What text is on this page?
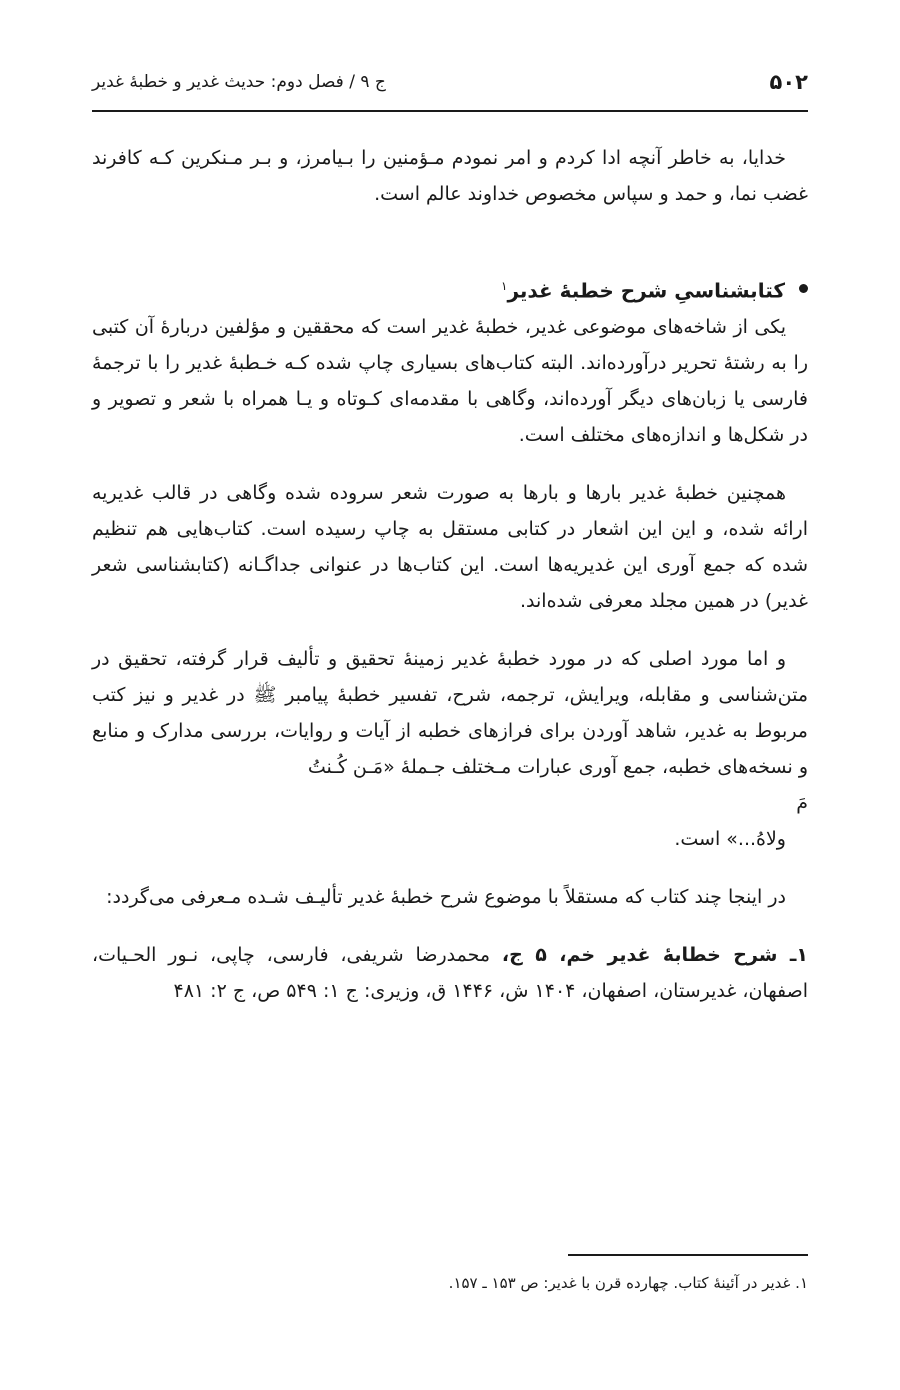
۵۰۲
ج ۹ / فصل دوم: حدیث غدیر و خطبهٔ غدیر

خدایا، به خاطر آنچه ادا کردم و امر نمودم مـؤمنین را بـیامرز، و بـر مـنکرین کـه کافرند غضب نما، و حمد و سپاس مخصوص خداوند عالم است.

کتابشناسیِ شرح خطبهٔ غدیر$^۱$

یکی از شاخه‌های موضوعی غدیر، خطبهٔ غدیر است که محققین و مؤلفین دربارهٔ آن کتبی را به رشتهٔ تحریر درآورده‌اند. البته کتاب‌های بسیاری چاپ شده کـه خـطبهٔ غدیر را با ترجمهٔ فارسی یا زبان‌های دیگر آورده‌اند، وگاهی با مقدمه‌ای کـوتاه و یـا همراه با شعر و تصویر و در شکل‌ها و اندازه‌های مختلف است.

همچنین خطبهٔ غدیر بارها و بارها به صورت شعر سروده شده وگاهی در قالب غدیریه ارائه شده، و این این اشعار در کتابی مستقل به چاپ رسیده است. کتاب‌هایی هم تنظیم شده که جمع آوری این غدیریه‌ها است. این کتاب‌ها در عنوانی جداگـانه (کتابشناسی شعر غدیر) در همین مجلد معرفی شده‌اند.

و اما مورد اصلی که در مورد خطبهٔ غدیر زمینهٔ تحقیق و تألیف قرار گرفته، تحقیق در متن‌شناسی و مقابله، ویرایش، ترجمه، شرح، تفسیر خطبهٔ پیامبر ﷺ در غدیر و نیز کتب مربوط به غدیر، شاهد آوردن برای فرازهای خطبه از آیات و روایات، بررسی مدارک و منابع و نسخه‌های خطبه، جمع آوری عبارات مـختلف جـملهٔ «مَـن کُـنتُ

مَ

ولاهُ...» است.

در اینجا چند کتاب که مستقلاً با موضوع شرح خطبهٔ غدیر تألیـف شـده مـعرفی می‌گردد:

۱ـ شرح خطابهٔ غدیر خم، ۵ ج، محمدرضا شریفی، فارسی، چاپی، نـور الحـیات، اصفهان، غدیرستان، اصفهان، ۱۴۰۴ ش، ۱۴۴۶ ق، وزیری: ج ۱: ۵۴۹ ص، ج ۲: ۴۸۱

۱. غدیر در آئینهٔ کتاب. چهارده قرن با غدیر: ص ۱۵۳ ـ ۱۵۷.
